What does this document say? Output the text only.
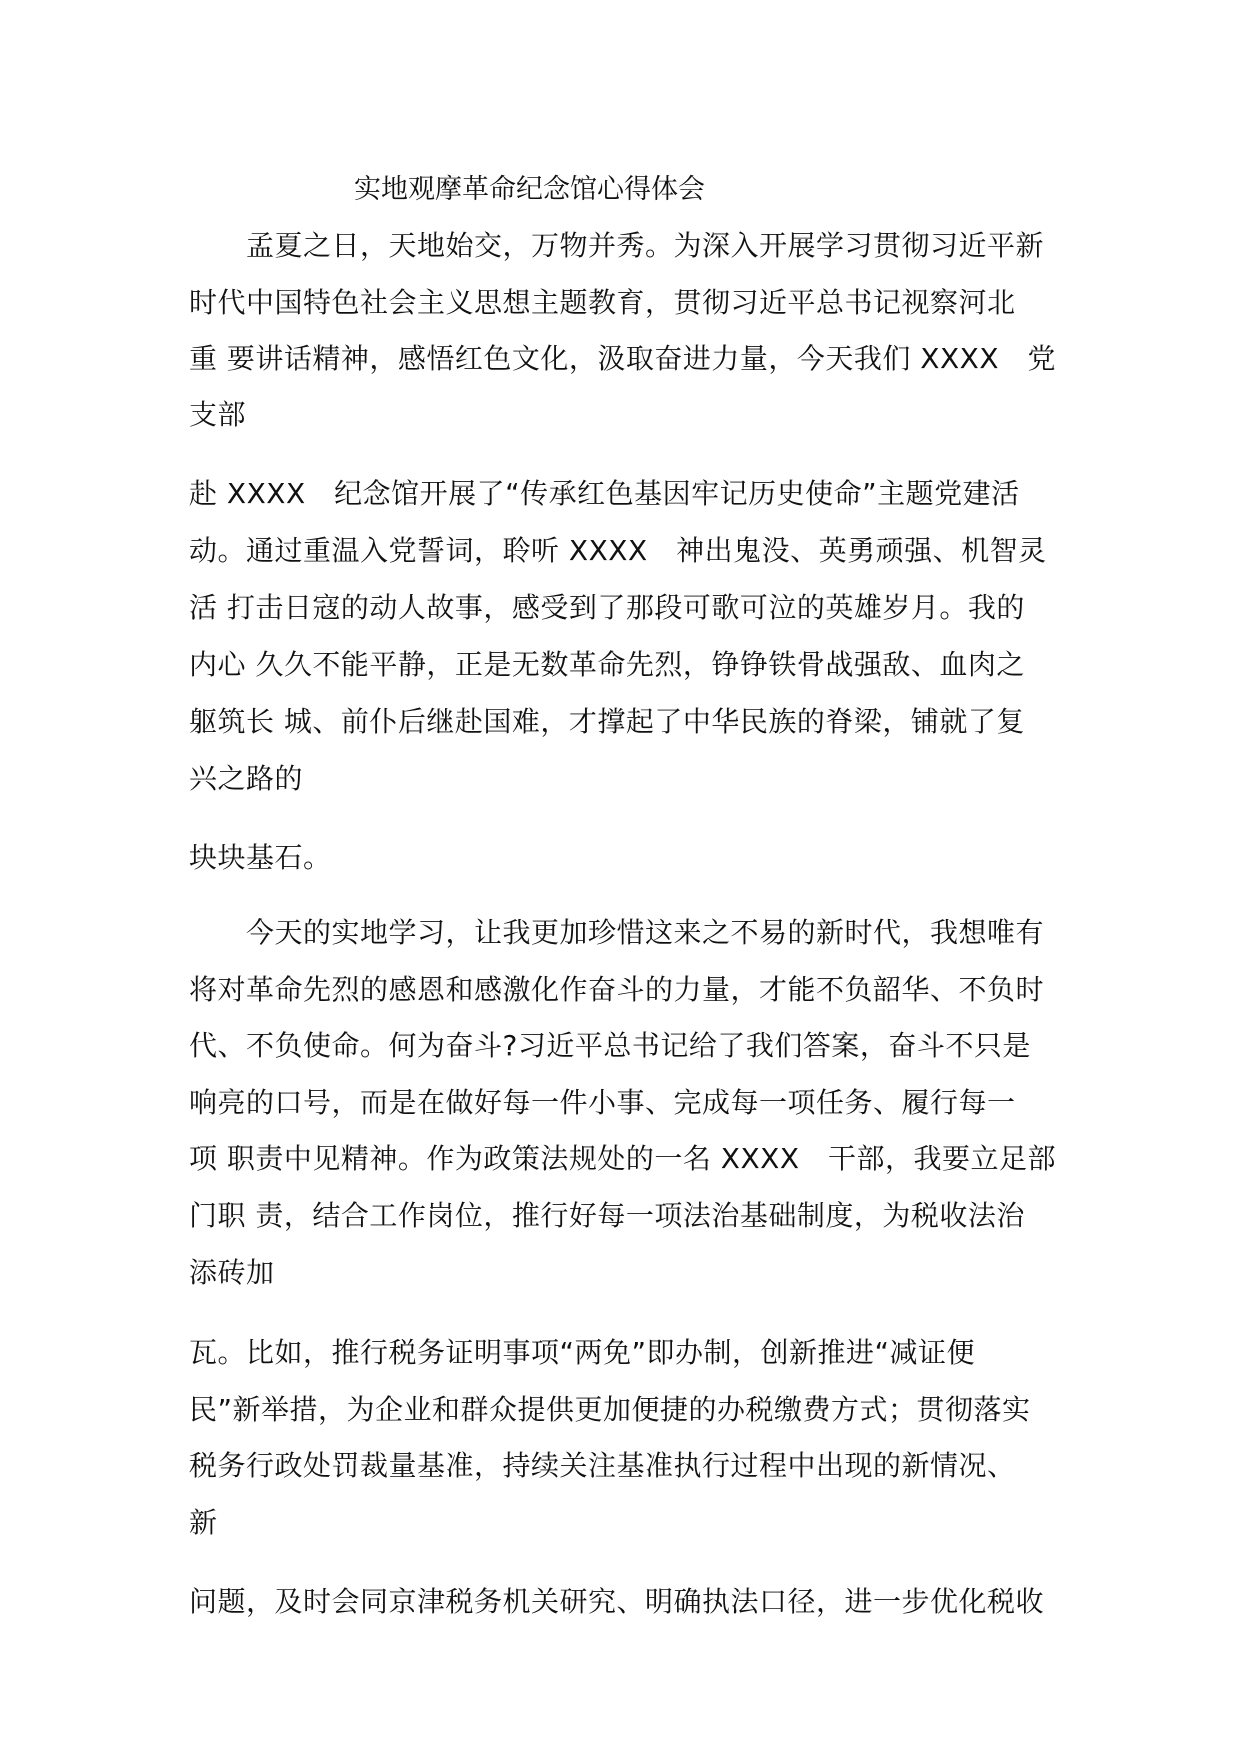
实地观摩革命纪念馆心得体会
　　孟夏之日，天地始交，万物并秀。为深入开展学习贯彻习近平新
时代中国特色社会主义思想主题教育，贯彻习近平总书记视察河北
重 要讲话精神，感悟红色文化，汲取奋进力量，今天我们 XXXX　党
支部
赴 XXXX　纪念馆开展了“传承红色基因牢记历史使命”主题党建活
动。通过重温入党誓词，聆听 XXXX　神出鬼没、英勇顽强、机智灵
活 打击日寇的动人故事，感受到了那段可歌可泣的英雄岁月。我的
内心 久久不能平静，正是无数革命先烈，铮铮铁骨战强敌、血肉之
躯筑长 城、前仆后继赴国难，才撑起了中华民族的脊梁，铺就了复
兴之路的
块块基石。
　　今天的实地学习，让我更加珍惜这来之不易的新时代，我想唯有
将对革命先烈的感恩和感激化作奋斗的力量，才能不负韶华、不负时
代、不负使命。何为奋斗?习近平总书记给了我们答案，奋斗不只是
响亮的口号，而是在做好每一件小事、完成每一项任务、履行每一
项 职责中见精神。作为政策法规处的一名 XXXX　干部，我要立足部
门职 责，结合工作岗位，推行好每一项法治基础制度，为税收法治
添砖加
瓦。比如，推行税务证明事项“两免”即办制，创新推进“减证便
民”新举措，为企业和群众提供更加便捷的办税缴费方式；贯彻落实
税务行政处罚裁量基准，持续关注基准执行过程中出现的新情况、
新
问题，及时会同京津税务机关研究、明确执法口径，进一步优化税收
